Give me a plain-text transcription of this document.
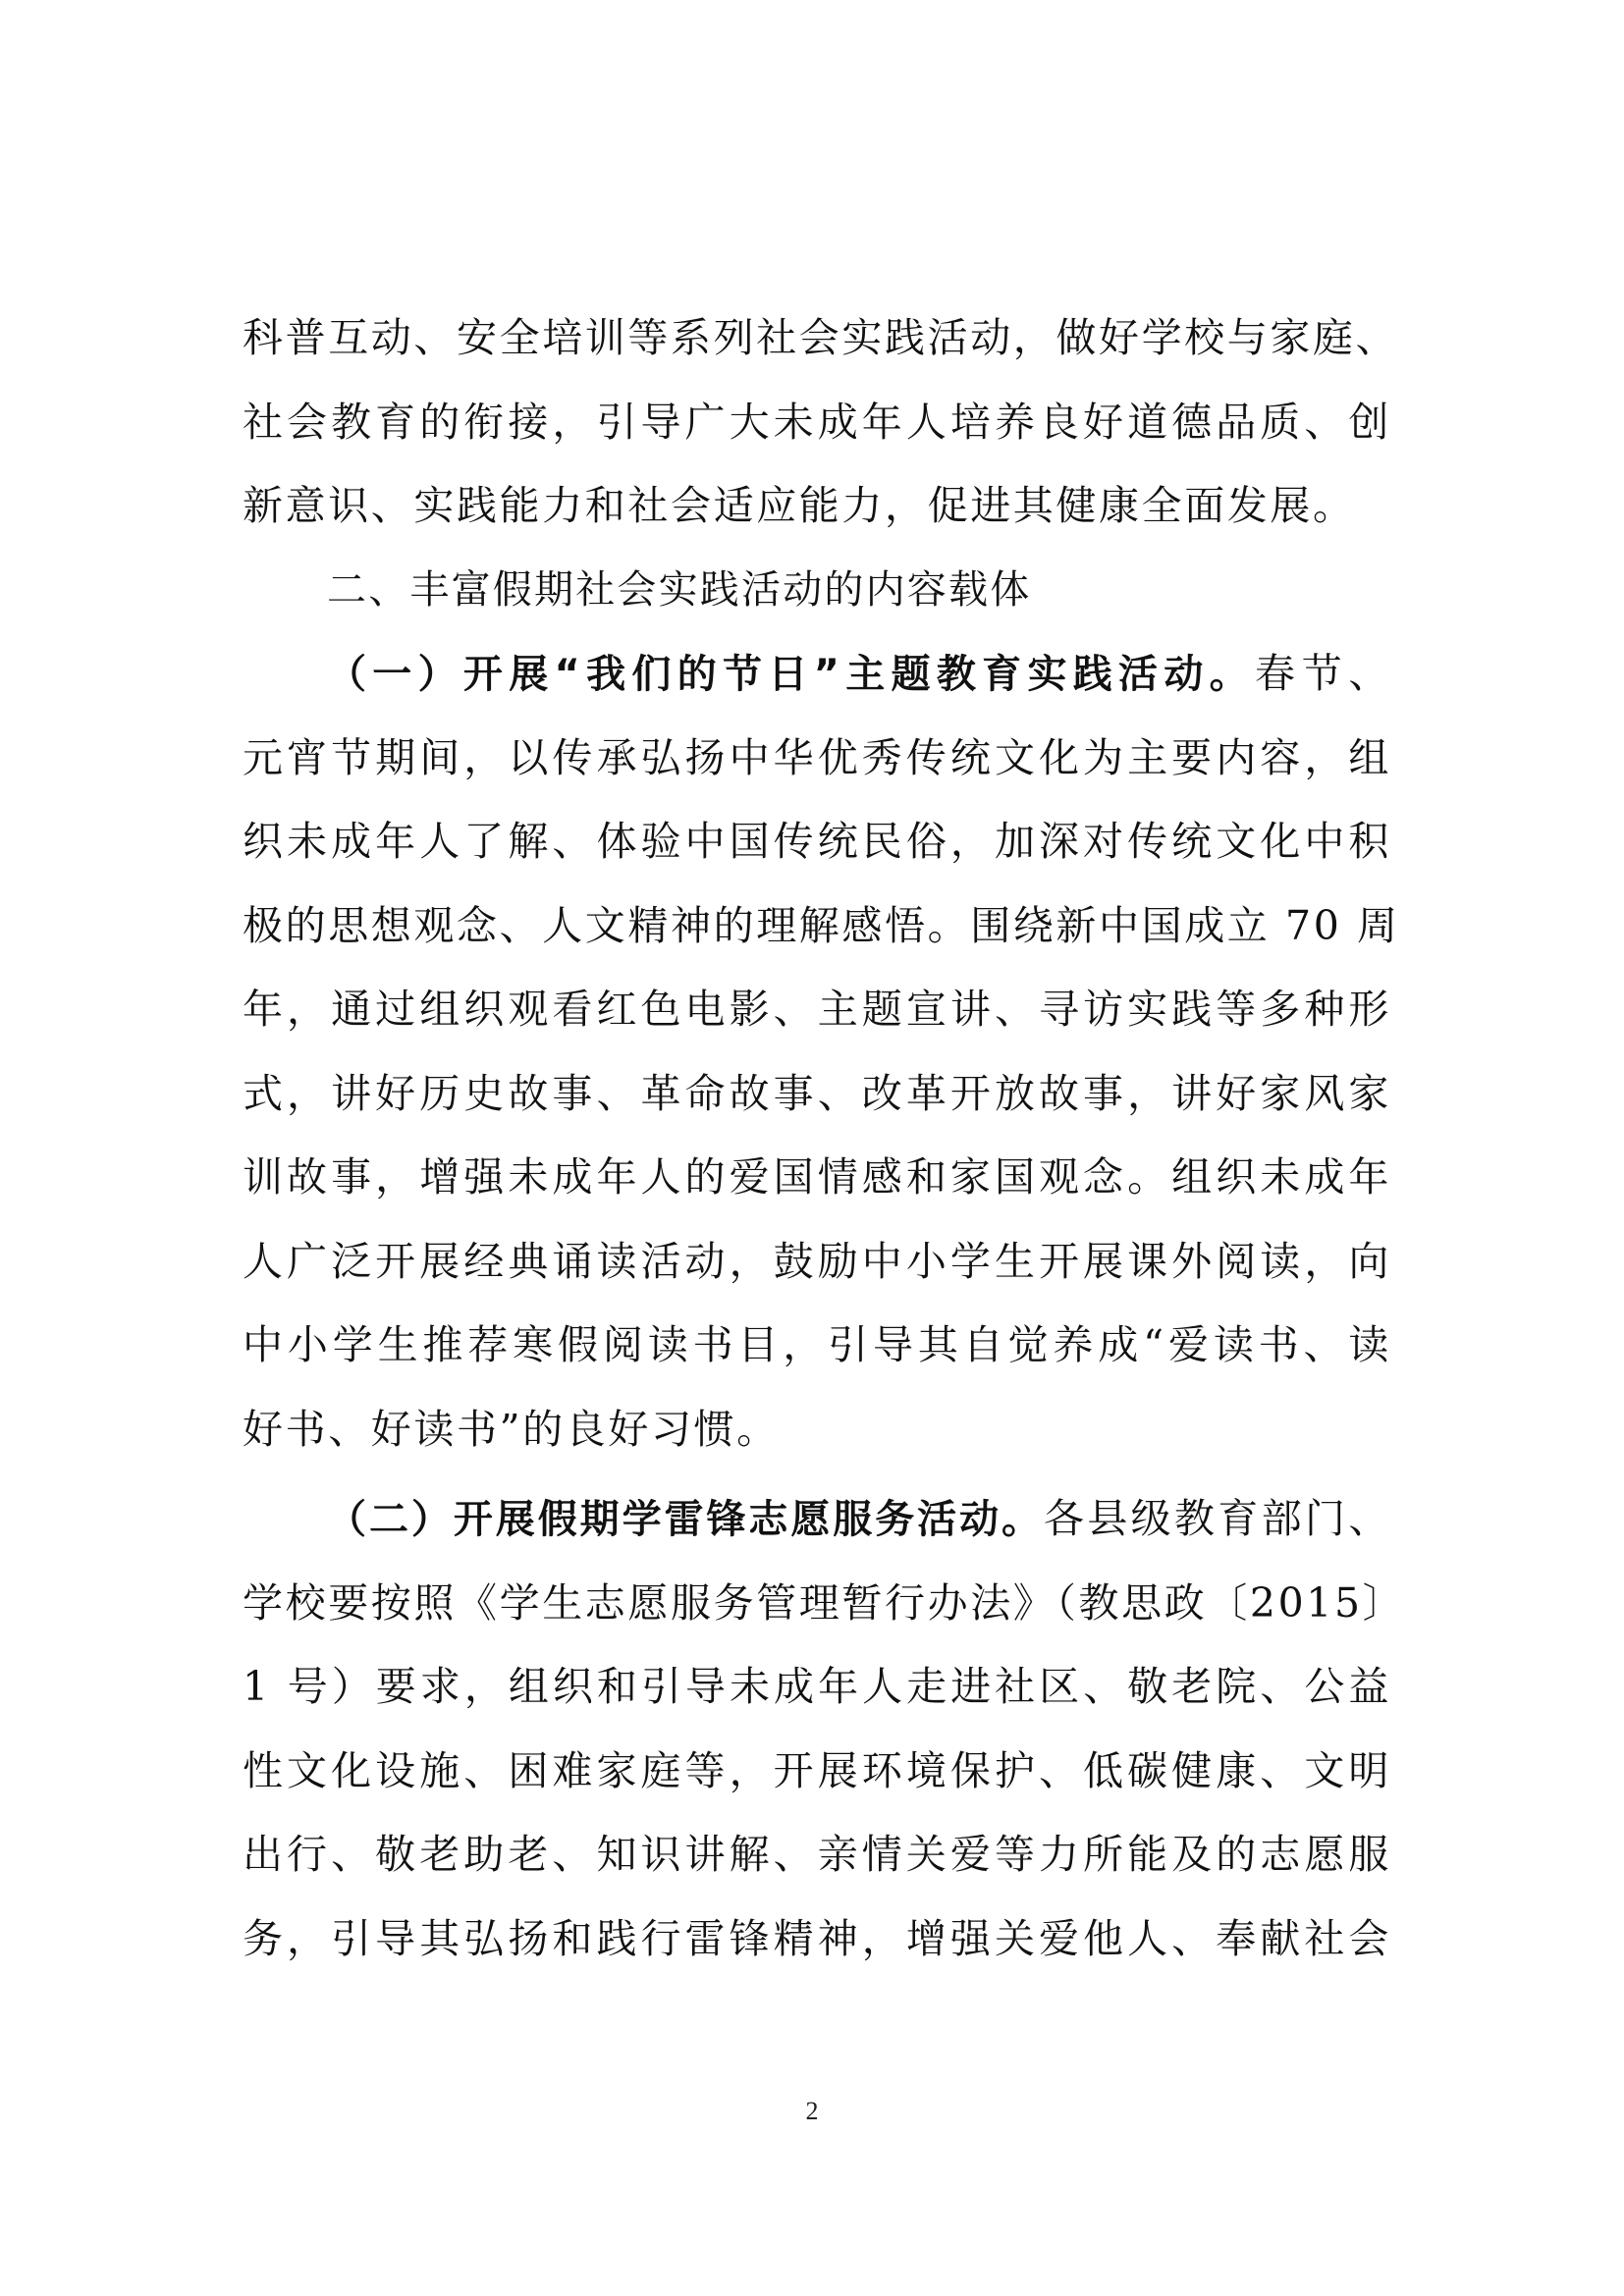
科普互动、安全培训等系列社会实践活动，做好学校与家庭、
社会教育的衔接，引导广大未成年人培养良好道德品质、创
新意识、实践能力和社会适应能力，促进其健康全面发展。
二、丰富假期社会实践活动的内容载体
（一）开展“我们的节日”主题教育实践活动。春节、
元宵节期间，以传承弘扬中华优秀传统文化为主要内容，组
织未成年人了解、体验中国传统民俗，加深对传统文化中积
极的思想观念、人文精神的理解感悟。围绕新中国成立 70 周
年，通过组织观看红色电影、主题宣讲、寻访实践等多种形
式，讲好历史故事、革命故事、改革开放故事，讲好家风家
训故事，增强未成年人的爱国情感和家国观念。组织未成年
人广泛开展经典诵读活动，鼓励中小学生开展课外阅读，向
中小学生推荐寒假阅读书目，引导其自觉养成“爱读书、读
好书、好读书”的良好习惯。
（二）开展假期学雷锋志愿服务活动。各县级教育部门、
学校要按照《学生志愿服务管理暂行办法》（教思政〔2015〕
1 号）要求，组织和引导未成年人走进社区、敬老院、公益
性文化设施、困难家庭等，开展环境保护、低碳健康、文明
出行、敬老助老、知识讲解、亲情关爱等力所能及的志愿服
务，引导其弘扬和践行雷锋精神，增强关爱他人、奉献社会
2
